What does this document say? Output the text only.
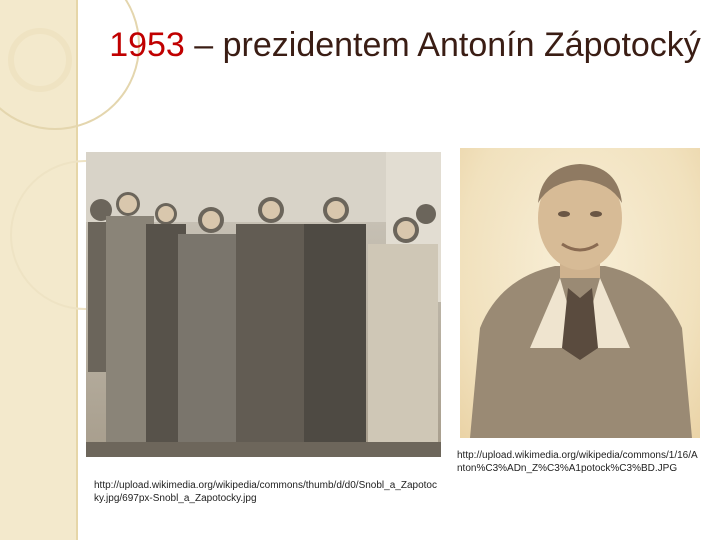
1953 – prezidentem Antonín Zápotocký
http://upload.wikimedia.org/wikipedia/commons/thumb/d/d0/Snobl_a_Zapotocky.jpg/697px-Snobl_a_Zapotocky.jpg
http://upload.wikimedia.org/wikipedia/commons/1/16/Anton%C3%ADn_Z%C3%A1potock%C3%BD.JPG
